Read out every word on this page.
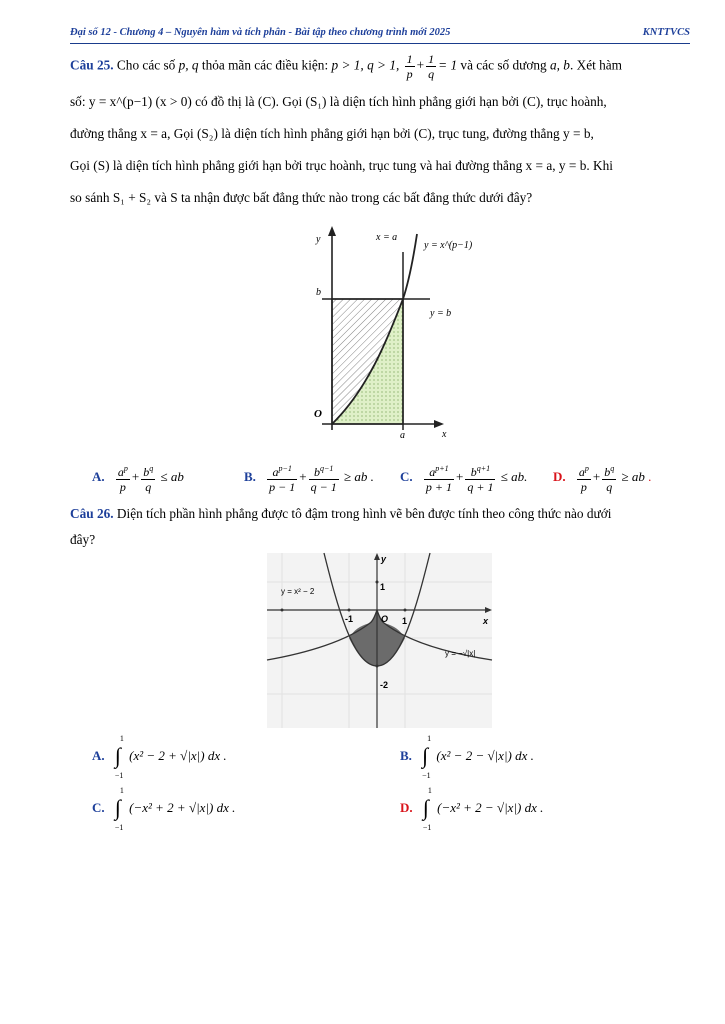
Đại số 12 - Chương 4 – Nguyên hàm và tích phân - Bài tập theo chương trình mới 2025	KNTTVCS
Câu 25. Cho các số p, q thỏa mãn các điều kiện: p > 1, q > 1, $\frac{1}{p} + \frac{1}{q} = 1$ và các số dương a, b. Xét hàm
số: y = x^(p−1) (x > 0) có đồ thị là (C). Gọi (S₁) là diện tích hình phẳng giới hạn bởi (C), trục hoành,
đường thẳng x = a, Gọi (S₂) là diện tích hình phẳng giới hạn bởi (C), trục tung, đường thẳng y = b,
Gọi (S) là diện tích hình phẳng giới hạn bởi trục hoành, trục tung và hai đường thẳng x = a, y = b. Khi
so sánh S₁ + S₂ và S ta nhận được bất đẳng thức nào trong các bất đẳng thức dưới đây?
y
x
O
a
b
x = a
y = x^(p−1)
y = b
A. $\frac{a^p}{p} + \frac{b^q}{q}$ ≤ ab	B. $\frac{a^{p-1}}{p - 1} + \frac{b^{q-1}}{q - 1}$ ≥ ab . C. $\frac{a^{p+1}}{p + 1} + \frac{b^{q+1}}{q + 1}$ ≤ ab. D. $\frac{a^p}{p} + \frac{b^q}{q}$ ≥ ab .
Câu 26. Diện tích phần hình phẳng được tô đậm trong hình vẽ bên được tính theo công thức nào dưới
đây?
y
x
O
1
-1	1
-2
y = x² − 2
y = −√|x|
A.
1
∫
−1
(x² − 2 + √|x|) dx .	B.
1
∫
−1
(x² − 2 − √|x|) dx .
C.
1
∫
−1
(−x² + 2 + √|x|) dx .	D.
1
∫
−1
(−x² + 2 − √|x|) dx .
